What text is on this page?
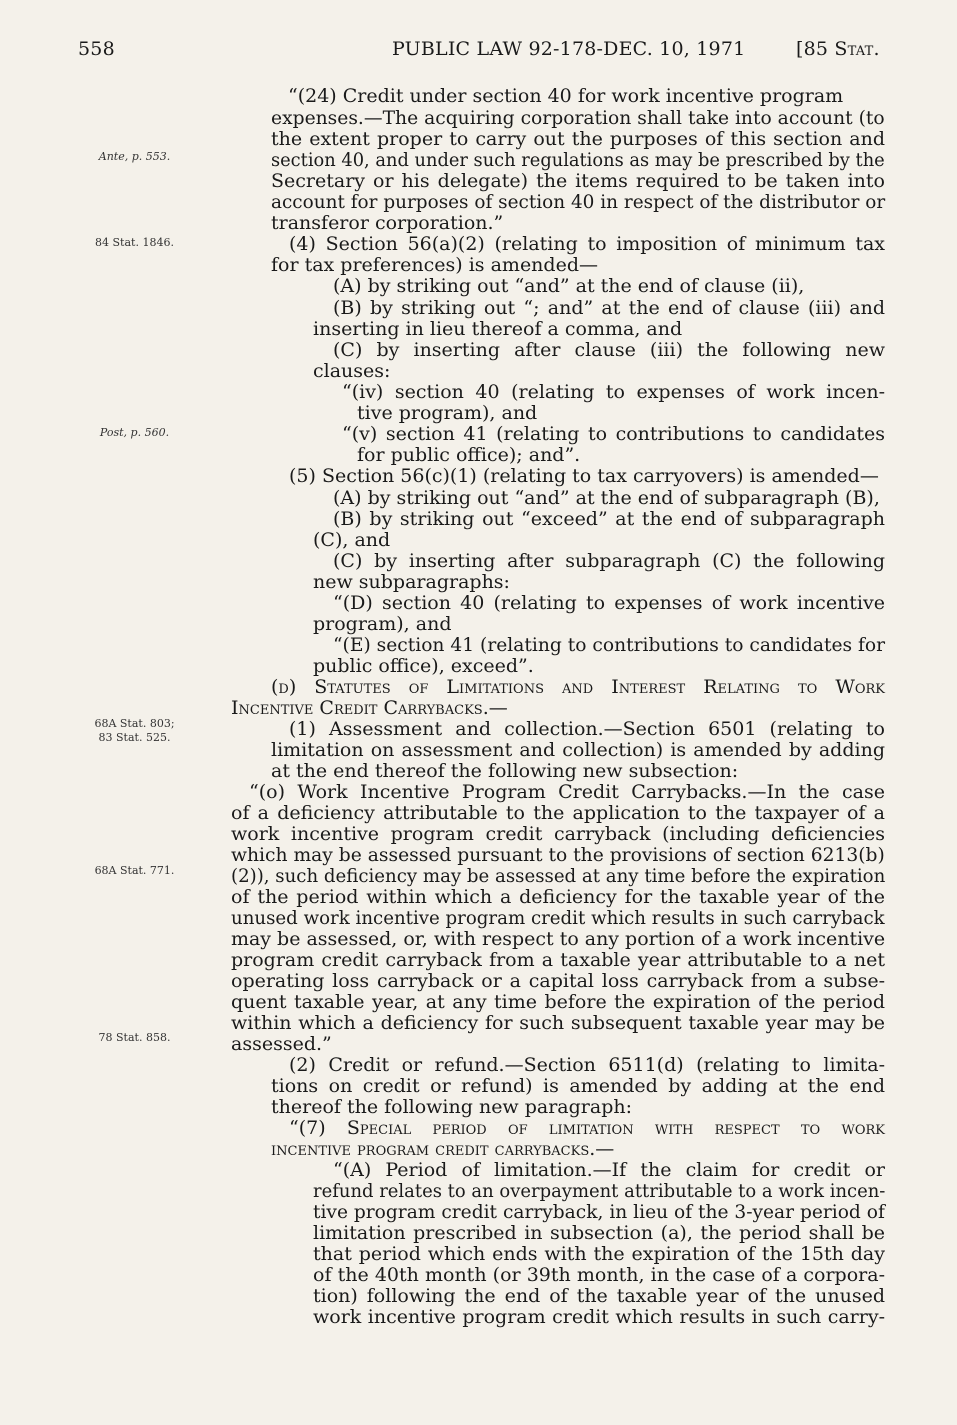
558	PUBLIC LAW 92-178-DEC. 10, 1971	[85 Stat.
Ante, p. 553.
84 Stat. 1846.
Post, p. 560.
68A Stat. 803;
83 Stat. 525.
68A Stat. 771.
78 Stat. 858.
“(24) Credit under section 40 for work incentive program
expenses.—The acquiring corporation shall take into account (to
the extent proper to carry out the purposes of this section and
section 40, and under such regulations as may be prescribed by the
Secretary or his delegate) the items required to be taken into
account for purposes of section 40 in respect of the distributor or
transferor corporation.”
(4) Section 56(a)(2) (relating to imposition of minimum tax
for tax preferences) is amended—
(A) by striking out “and” at the end of clause (ii),
(B) by striking out “; and” at the end of clause (iii) and
inserting in lieu thereof a comma, and
(C) by inserting after clause (iii) the following new
clauses:
“(iv) section 40 (relating to expenses of work incen-
tive program), and
“(v) section 41 (relating to contributions to candidates
for public office); and”.
(5) Section 56(c)(1) (relating to tax carryovers) is amended—
(A) by striking out “and” at the end of subparagraph (B),
(B) by striking out “exceed” at the end of subparagraph
(C), and
(C) by inserting after subparagraph (C) the following
new subparagraphs:
“(D) section 40 (relating to expenses of work incentive
program), and
“(E) section 41 (relating to contributions to candidates for
public office), exceed”.
(d) Statutes of Limitations and Interest Relating to Work
Incentive Credit Carrybacks.—
(1) Assessment and collection.—Section 6501 (relating to
limitation on assessment and collection) is amended by adding
at the end thereof the following new subsection:
“(o) Work Incentive Program Credit Carrybacks.—In the case
of a deficiency attributable to the application to the taxpayer of a
work incentive program credit carryback (including deficiencies
which may be assessed pursuant to the provisions of section 6213(b)
(2)), such deficiency may be assessed at any time before the expiration
of the period within which a deficiency for the taxable year of the
unused work incentive program credit which results in such carryback
may be assessed, or, with respect to any portion of a work incentive
program credit carryback from a taxable year attributable to a net
operating loss carryback or a capital loss carryback from a subse-
quent taxable year, at any time before the expiration of the period
within which a deficiency for such subsequent taxable year may be
assessed.”
(2) Credit or refund.—Section 6511(d) (relating to limita-
tions on credit or refund) is amended by adding at the end
thereof the following new paragraph:
“(7) Special period of limitation with respect to work
incentive program credit carrybacks.—
“(A) Period of limitation.—If the claim for credit or
refund relates to an overpayment attributable to a work incen-
tive program credit carryback, in lieu of the 3-year period of
limitation prescribed in subsection (a), the period shall be
that period which ends with the expiration of the 15th day
of the 40th month (or 39th month, in the case of a corpora-
tion) following the end of the taxable year of the unused
work incentive program credit which results in such carry-
